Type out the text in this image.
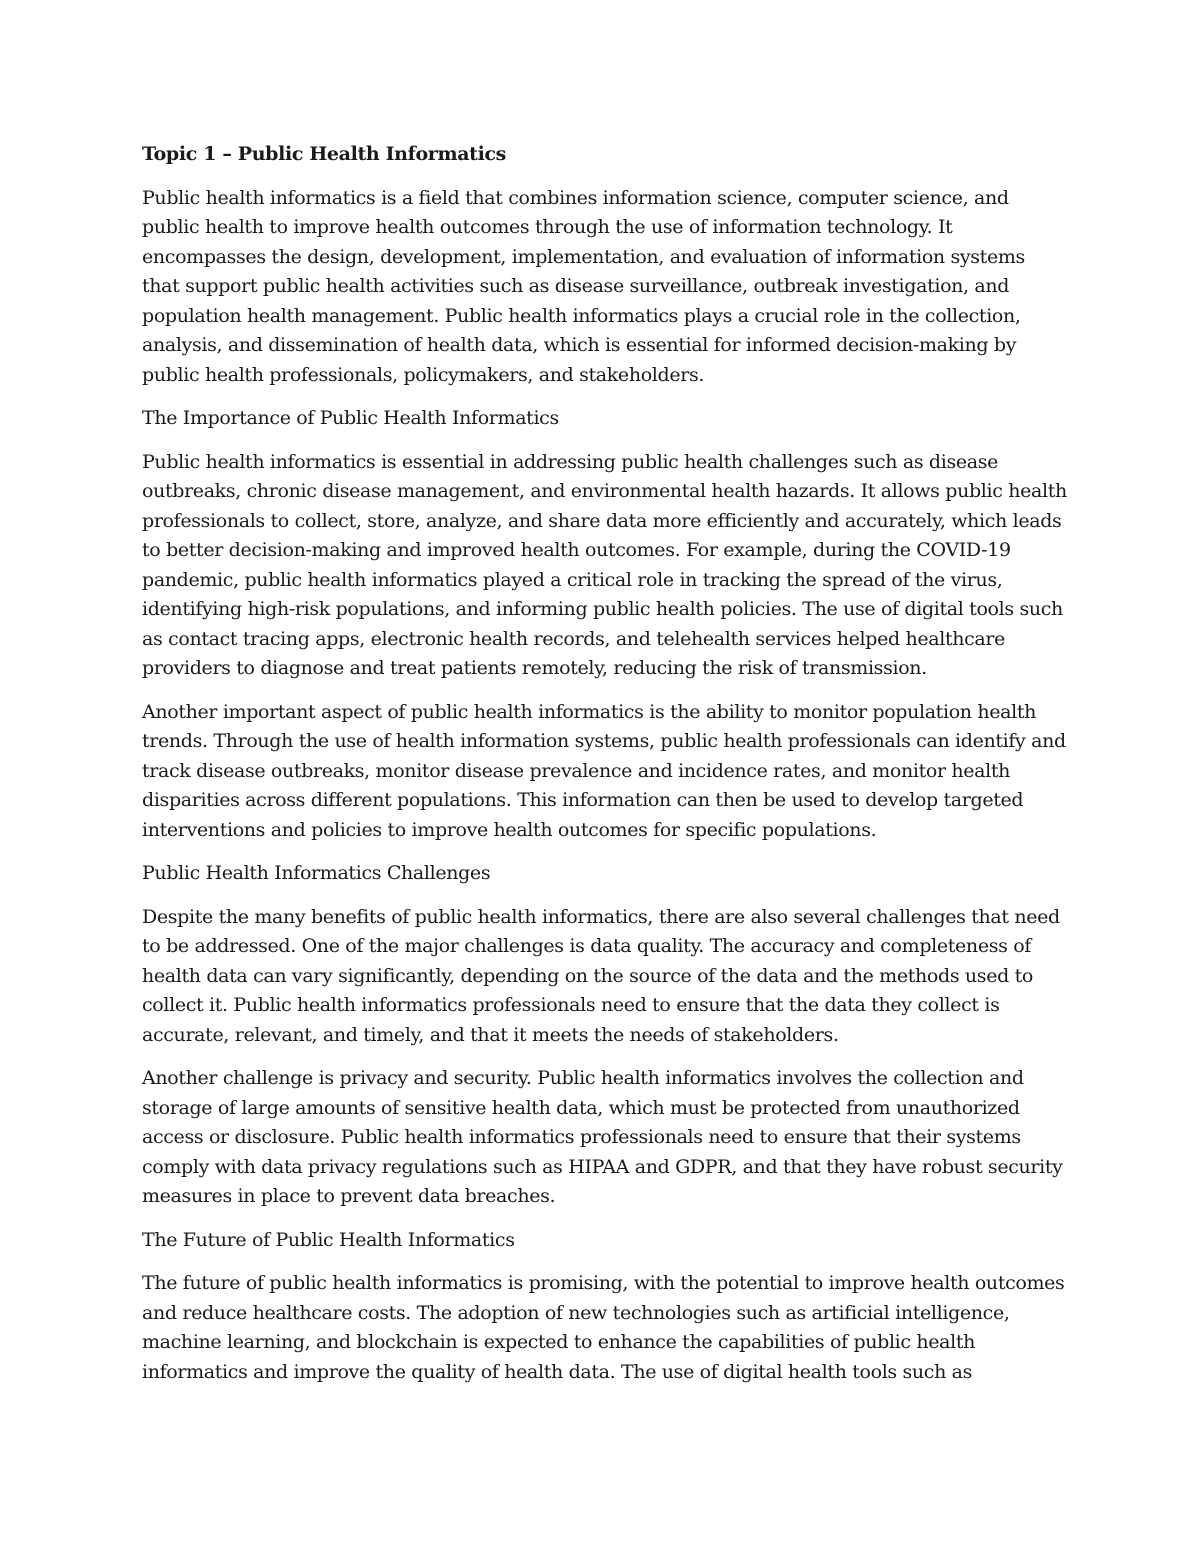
Topic 1 – Public Health Informatics

Public health informatics is a field that combines information science, computer science, and public health to improve health outcomes through the use of information technology. It encompasses the design, development, implementation, and evaluation of information systems that support public health activities such as disease surveillance, outbreak investigation, and population health management. Public health informatics plays a crucial role in the collection, analysis, and dissemination of health data, which is essential for informed decision-making by public health professionals, policymakers, and stakeholders.

The Importance of Public Health Informatics

Public health informatics is essential in addressing public health challenges such as disease outbreaks, chronic disease management, and environmental health hazards. It allows public health professionals to collect, store, analyze, and share data more efficiently and accurately, which leads to better decision-making and improved health outcomes. For example, during the COVID-19 pandemic, public health informatics played a critical role in tracking the spread of the virus, identifying high-risk populations, and informing public health policies. The use of digital tools such as contact tracing apps, electronic health records, and telehealth services helped healthcare providers to diagnose and treat patients remotely, reducing the risk of transmission.

Another important aspect of public health informatics is the ability to monitor population health trends. Through the use of health information systems, public health professionals can identify and track disease outbreaks, monitor disease prevalence and incidence rates, and monitor health disparities across different populations. This information can then be used to develop targeted interventions and policies to improve health outcomes for specific populations.

Public Health Informatics Challenges

Despite the many benefits of public health informatics, there are also several challenges that need to be addressed. One of the major challenges is data quality. The accuracy and completeness of health data can vary significantly, depending on the source of the data and the methods used to collect it. Public health informatics professionals need to ensure that the data they collect is accurate, relevant, and timely, and that it meets the needs of stakeholders.

Another challenge is privacy and security. Public health informatics involves the collection and storage of large amounts of sensitive health data, which must be protected from unauthorized access or disclosure. Public health informatics professionals need to ensure that their systems comply with data privacy regulations such as HIPAA and GDPR, and that they have robust security measures in place to prevent data breaches.

The Future of Public Health Informatics

The future of public health informatics is promising, with the potential to improve health outcomes and reduce healthcare costs. The adoption of new technologies such as artificial intelligence, machine learning, and blockchain is expected to enhance the capabilities of public health informatics and improve the quality of health data. The use of digital health tools such as
